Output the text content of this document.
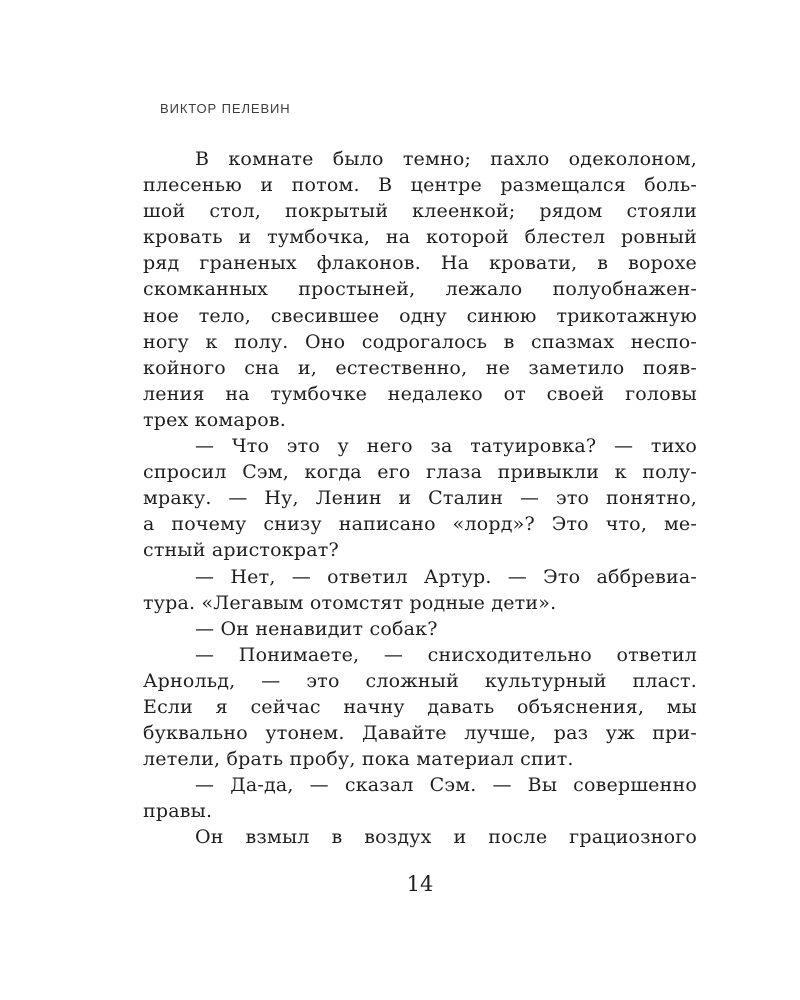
ВИКТОР ПЕЛЕВИН
В комнате было темно; пахло одеколоном,
плесенью и потом. В центре размещался боль-
шой стол, покрытый клеенкой; рядом стояли
кровать и тумбочка, на которой блестел ровный
ряд граненых флаконов. На кровати, в ворохе
скомканных простыней, лежало полуобнажен-
ное тело, свесившее одну синюю трикотажную
ногу к полу. Оно содрогалось в спазмах неспо-
койного сна и, естественно, не заметило появ-
ления на тумбочке недалеко от своей головы
трех комаров.
— Что это у него за татуировка? — тихо
спросил Сэм, когда его глаза привыкли к полу-
мраку. — Ну, Ленин и Сталин — это понятно,
а почему снизу написано «лорд»? Это что, ме-
стный аристократ?
— Нет, — ответил Артур. — Это аббревиа-
тура. «Легавым отомстят родные дети».
— Он ненавидит собак?
— Понимаете, — снисходительно ответил
Арнольд, — это сложный культурный пласт.
Если я сейчас начну давать объяснения, мы
буквально утонем. Давайте лучше, раз уж при-
летели, брать пробу, пока материал спит.
— Да-да, — сказал Сэм. — Вы совершенно
правы.
Он взмыл в воздух и после грациозного
14
